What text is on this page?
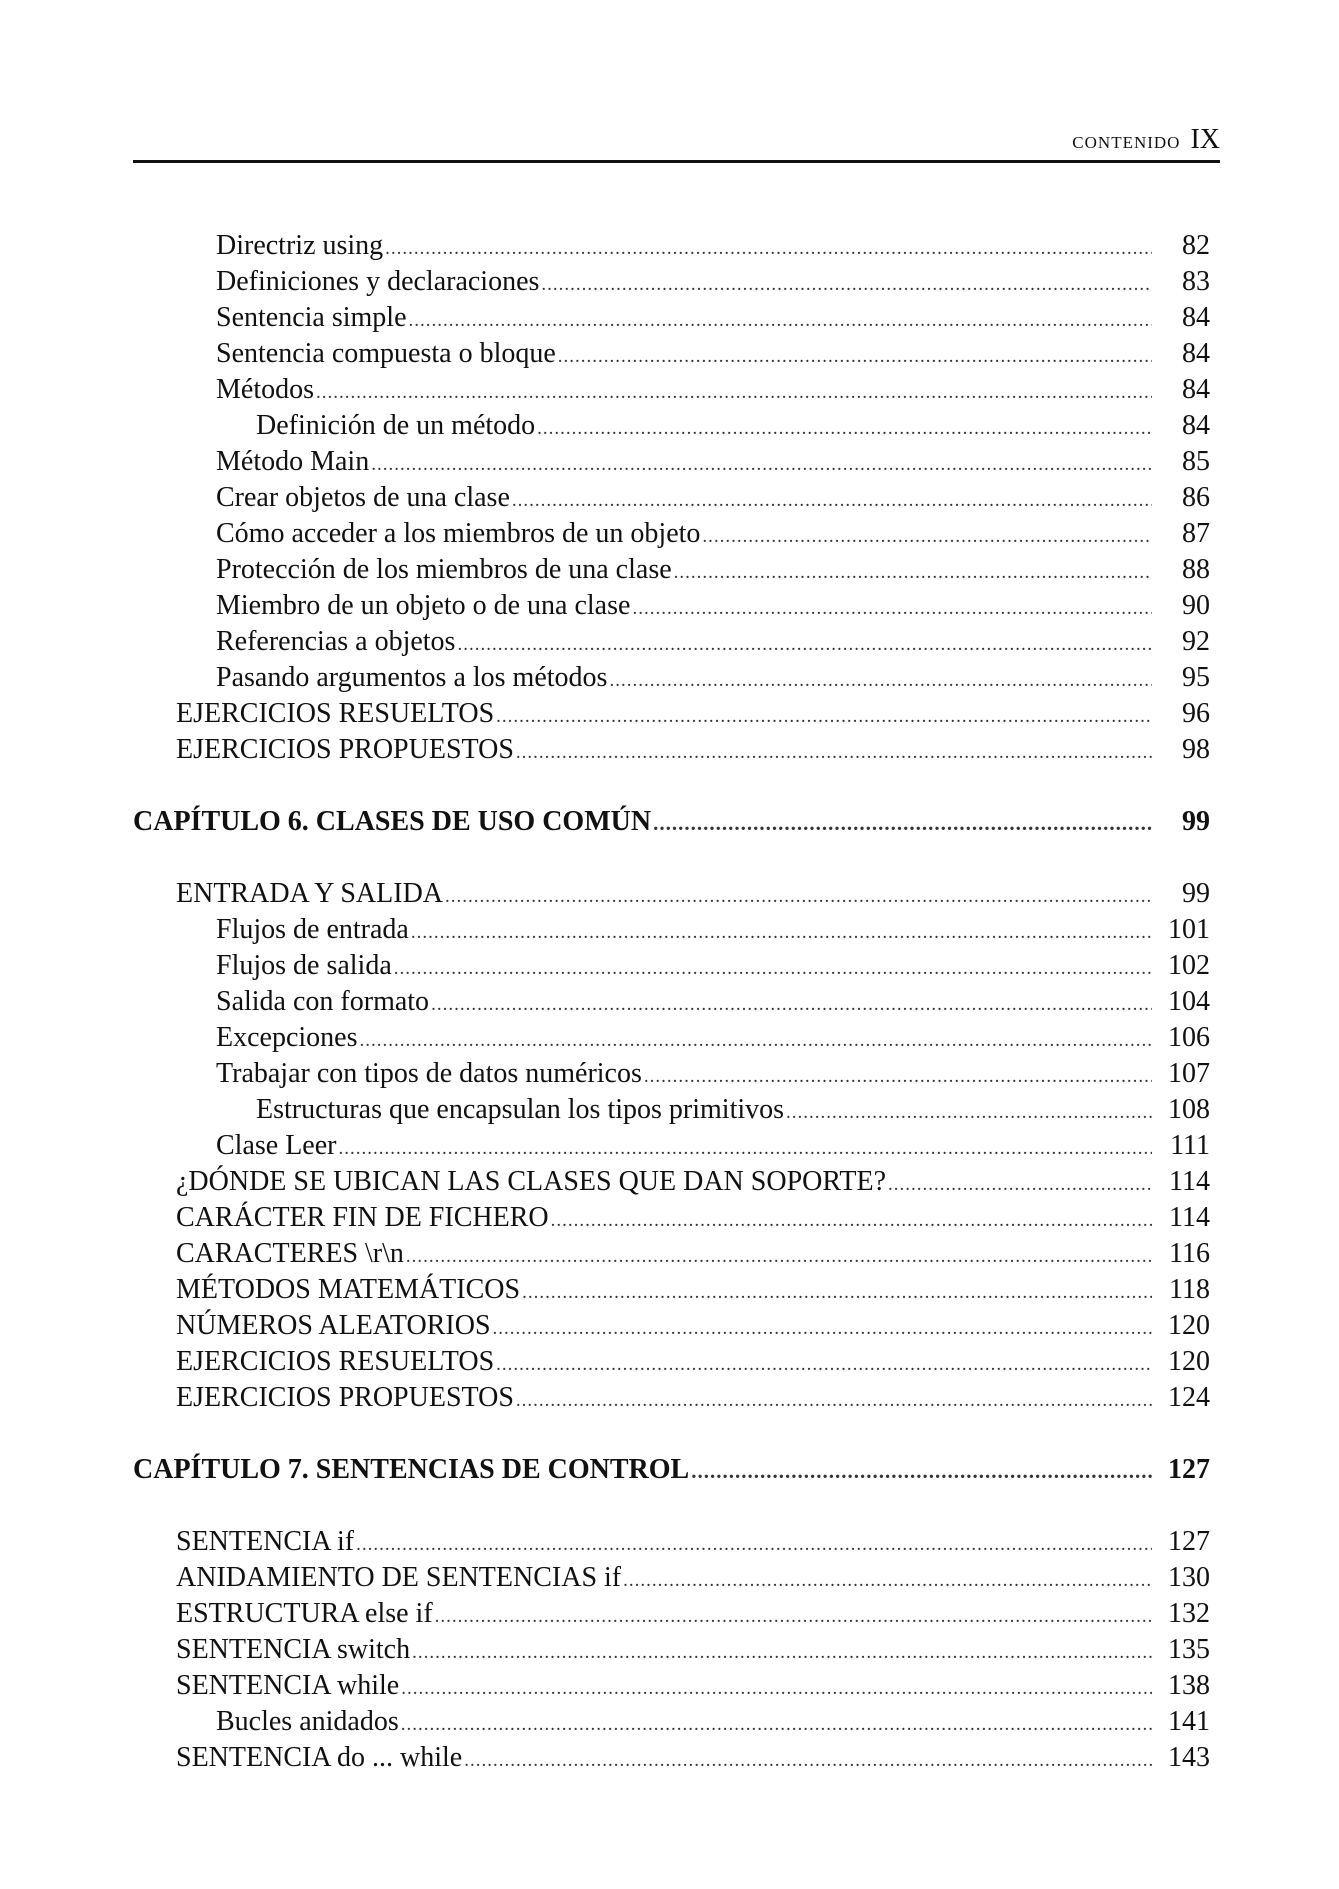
CONTENIDO IX
Directriz using .....	82
Definiciones y declaraciones .....	83
Sentencia simple .....	84
Sentencia compuesta o bloque .....	84
Métodos .....	84
Definición de un método .....	84
Método Main .....	85
Crear objetos de una clase .....	86
Cómo acceder a los miembros de un objeto .....	87
Protección de los miembros de una clase .....	88
Miembro de un objeto o de una clase .....	90
Referencias a objetos .....	92
Pasando argumentos a los métodos .....	95
EJERCICIOS RESUELTOS .....	96
EJERCICIOS PROPUESTOS .....	98
CAPÍTULO 6. CLASES DE USO COMÚN .....	99
ENTRADA Y SALIDA .....	99
Flujos de entrada .....	101
Flujos de salida .....	102
Salida con formato .....	104
Excepciones .....	106
Trabajar con tipos de datos numéricos .....	107
Estructuras que encapsulan los tipos primitivos .....	108
Clase Leer .....	111
¿DÓNDE SE UBICAN LAS CLASES QUE DAN SOPORTE? .....	114
CARÁCTER FIN DE FICHERO .....	114
CARACTERES \r\n .....	116
MÉTODOS MATEMÁTICOS .....	118
NÚMEROS ALEATORIOS .....	120
EJERCICIOS RESUELTOS .....	120
EJERCICIOS PROPUESTOS .....	124
CAPÍTULO 7. SENTENCIAS DE CONTROL .....	127
SENTENCIA if .....	127
ANIDAMIENTO DE SENTENCIAS if .....	130
ESTRUCTURA else if .....	132
SENTENCIA switch .....	135
SENTENCIA while .....	138
Bucles anidados .....	141
SENTENCIA do ... while .....	143
